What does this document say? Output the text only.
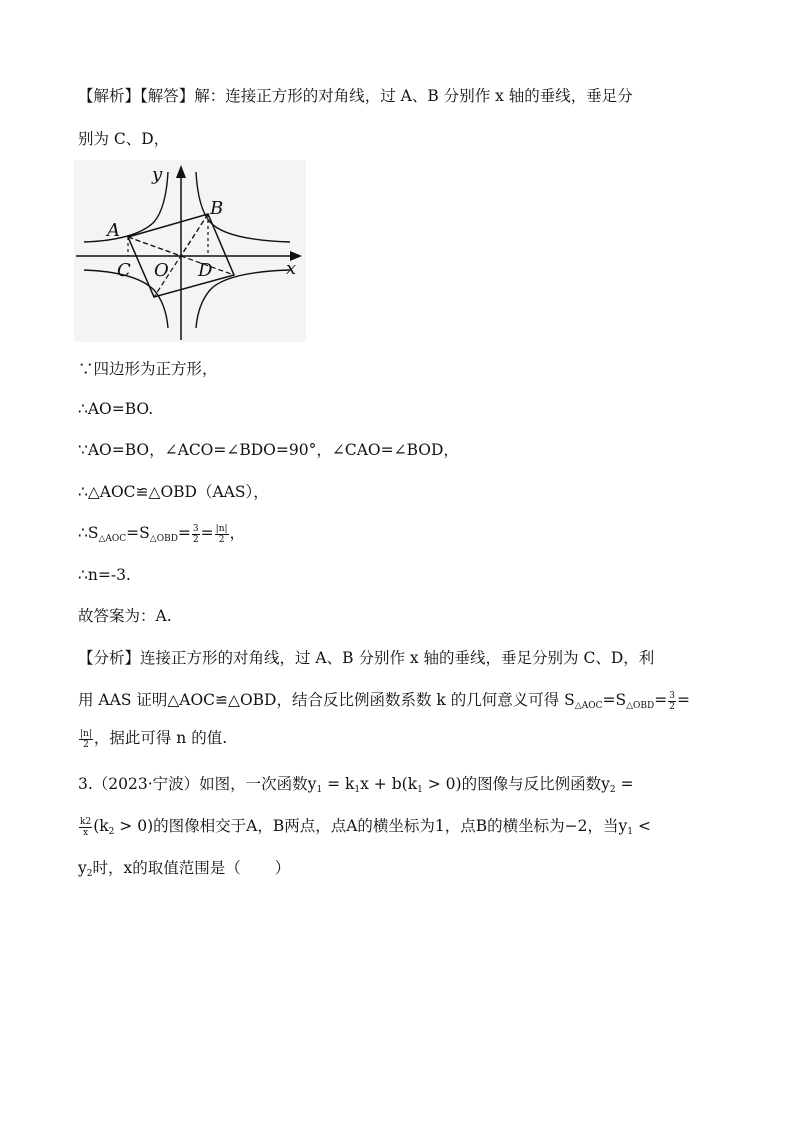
【解析】【解答】解：连接正方形的对角线，过 A、B 分别作 x 轴的垂线，垂足分
别为 C、D，
y
x
A
B
C O D
∵四边形为正方形，
∴AO=BO.
∵AO=BO，∠ACO=∠BDO=90°，∠CAO=∠BOD，
∴△AOC≌△OBD（AAS），
$\therefore S_{\triangle AOC}=S_{\triangle OBD}= \frac{3}{2} = \frac{|n|}{2}$ ，
∴n=-3.
故答案为：A.
【分析】连接正方形的对角线，过 A、B 分别作 x 轴的垂线，垂足分别为 C、D，利
用 AAS 证明△AOC≌△OBD，结合反比例函数系数 k 的几何意义可得 $S_{\triangle AOC}=S_{\triangle OBD}= \frac{3}{2}$ =
$\frac{|n|}{2}$ ，据此可得 n 的值.
3.（2023·宁波）如图，一次函数$y_1 = k_1x + b(k_1 > 0)$的图像与反比例函数$y_2$ =
$\frac{k2}{x} (k_2 > 0)$的图像相交于A，B两点，点A的横坐标为1，点B的横坐标为−2，当$y_1$ <
$y_2$时，x的取值范围是（ ）
